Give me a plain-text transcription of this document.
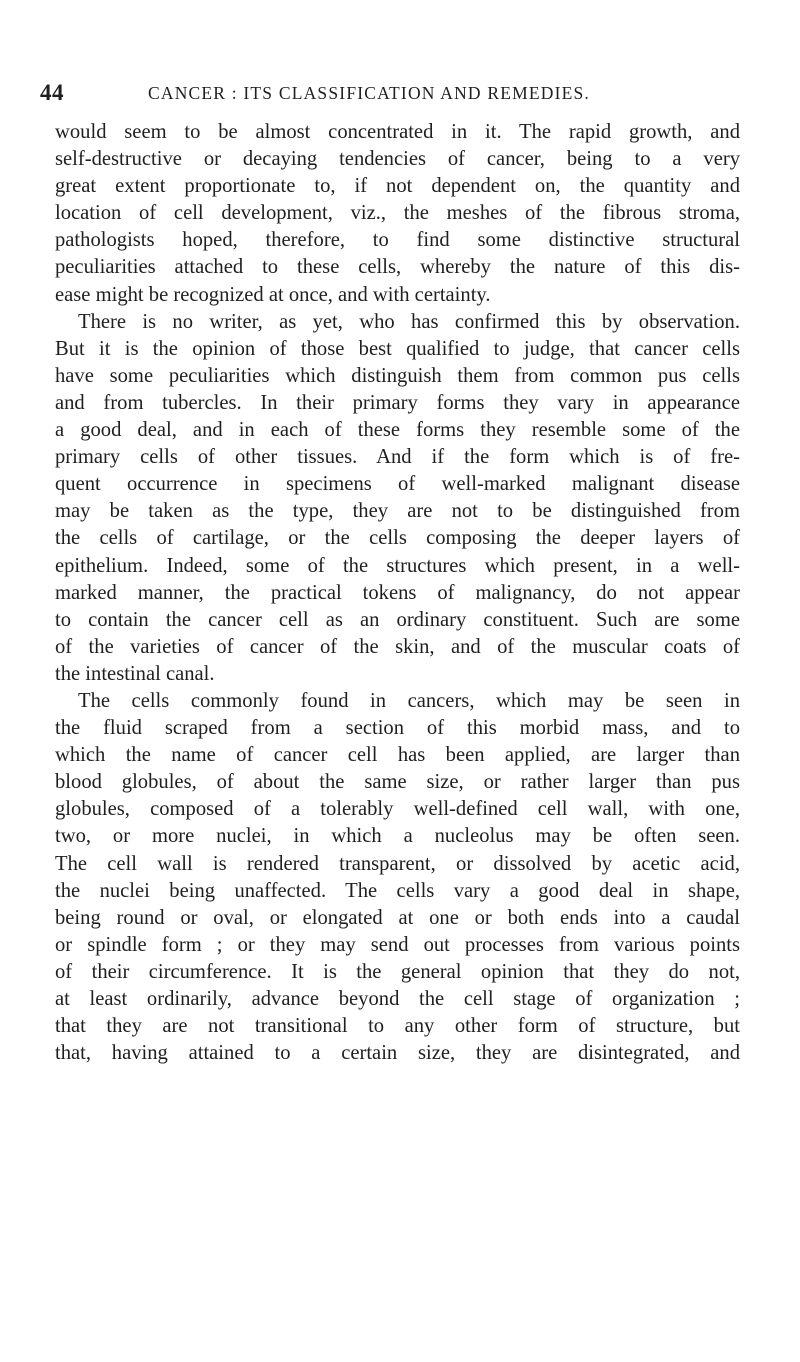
44	CANCER : ITS CLASSIFICATION AND REMEDIES.
would seem to be almost concentrated in it. The rapid growth, and
self-destructive or decaying tendencies of cancer, being to a very
great extent proportionate to, if not dependent on, the quantity and
location of cell development, viz., the meshes of the fibrous stroma,
pathologists hoped, therefore, to find some distinctive structural
peculiarities attached to these cells, whereby the nature of this dis-
ease might be recognized at once, and with certainty.
There is no writer, as yet, who has confirmed this by observation.
But it is the opinion of those best qualified to judge, that cancer cells
have some peculiarities which distinguish them from common pus cells
and from tubercles. In their primary forms they vary in appearance
a good deal, and in each of these forms they resemble some of the
primary cells of other tissues. And if the form which is of fre-
quent occurrence in specimens of well-marked malignant disease
may be taken as the type, they are not to be distinguished from
the cells of cartilage, or the cells composing the deeper layers of
epithelium. Indeed, some of the structures which present, in a well-
marked manner, the practical tokens of malignancy, do not appear
to contain the cancer cell as an ordinary constituent. Such are some
of the varieties of cancer of the skin, and of the muscular coats of
the intestinal canal.
The cells commonly found in cancers, which may be seen in
the fluid scraped from a section of this morbid mass, and to
which the name of cancer cell has been applied, are larger than
blood globules, of about the same size, or rather larger than pus
globules, composed of a tolerably well-defined cell wall, with one,
two, or more nuclei, in which a nucleolus may be often seen.
The cell wall is rendered transparent, or dissolved by acetic acid,
the nuclei being unaffected. The cells vary a good deal in shape,
being round or oval, or elongated at one or both ends into a caudal
or spindle form ; or they may send out processes from various points
of their circumference. It is the general opinion that they do not,
at least ordinarily, advance beyond the cell stage of organization ;
that they are not transitional to any other form of structure, but
that, having attained to a certain size, they are disintegrated, and
